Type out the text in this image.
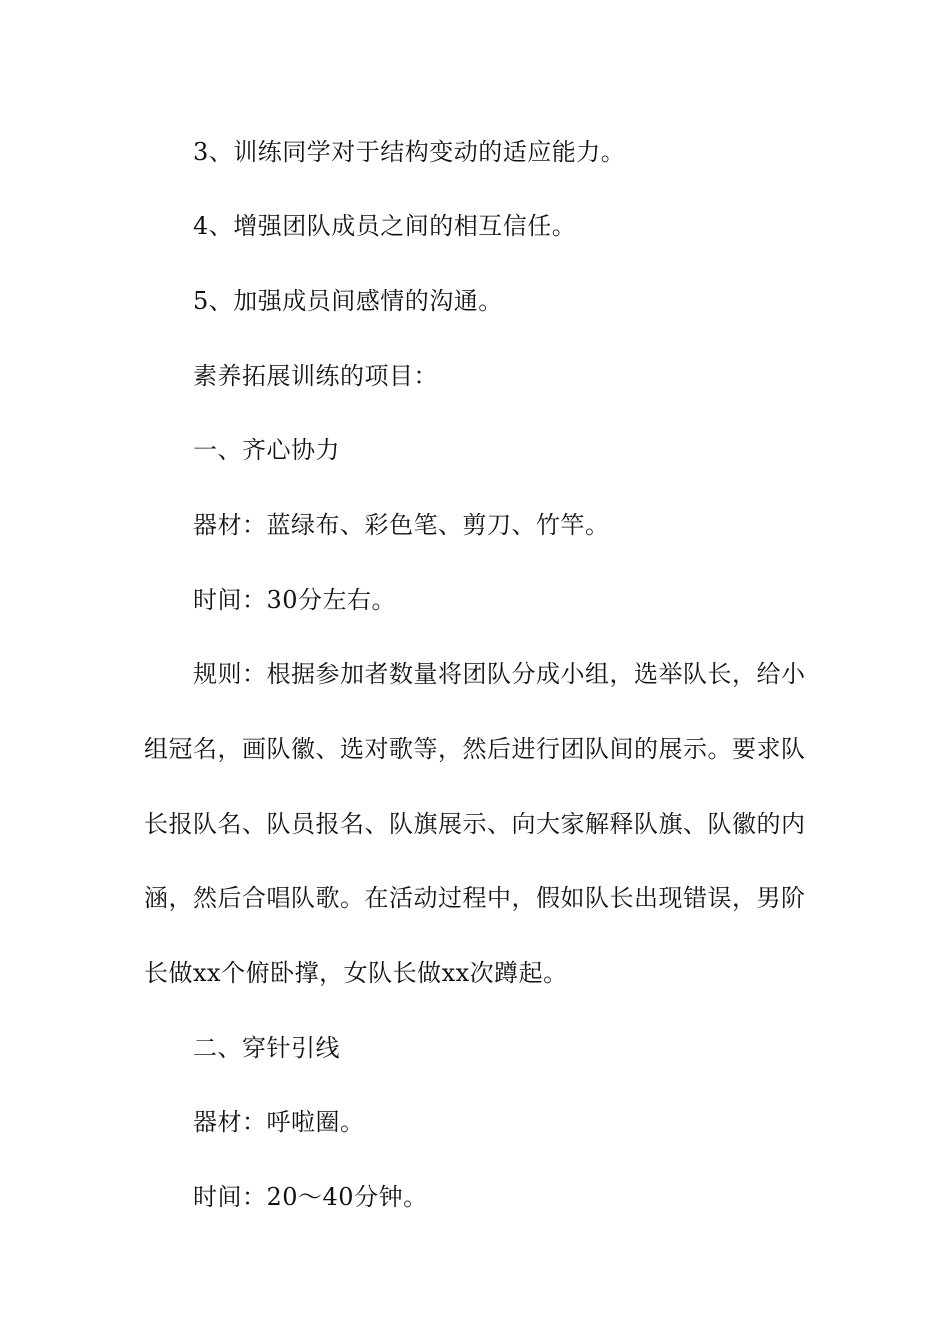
3、训练同学对于结构变动的适应能力。
4、增强团队成员之间的相互信任。
5、加强成员间感情的沟通。
素养拓展训练的项目：
一、齐心协力
器材：蓝绿布、彩色笔、剪刀、竹竿。
时间：30分左右。
规则：根据参加者数量将团队分成小组，选举队长，给小
组冠名，画队徽、选对歌等，然后进行团队间的展示。要求队
长报队名、队员报名、队旗展示、向大家解释队旗、队徽的内
涵，然后合唱队歌。在活动过程中，假如队长出现错误，男阶
长做xx个俯卧撑，女队长做xx次蹲起。
二、穿针引线
器材：呼啦圈。
时间：20～40分钟。
